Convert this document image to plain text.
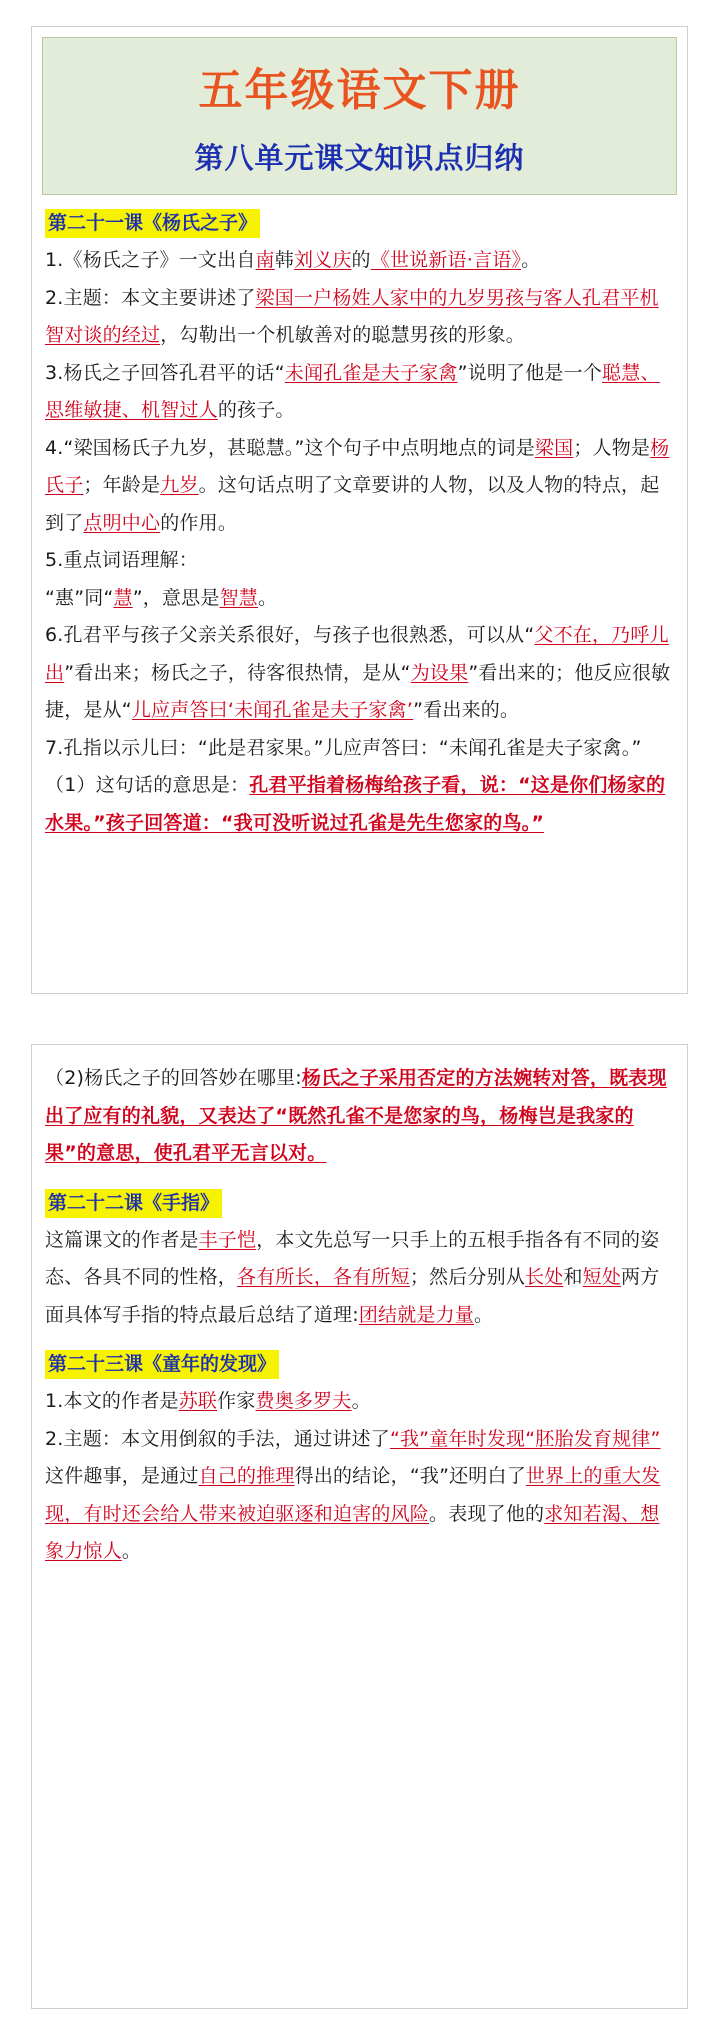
五年级语文下册
第八单元课文知识点归纳
第二十一课《杨氏之子》

1.《杨氏之子》一文出自南韩刘义庆的《世说新语·言语》。

2.主题：本文主要讲述了梁国一户杨姓人家中的九岁男孩与客人孔君平机智对谈的经过，勾勒出一个机敏善对的聪慧男孩的形象。

3.杨氏之子回答孔君平的话“未闻孔雀是夫子家禽”说明了他是一个聪慧、思维敏捷、机智过人的孩子。

4.“梁国杨氏子九岁，甚聪慧。”这个句子中点明地点的词是梁国；人物是杨氏子；年龄是九岁。这句话点明了文章要讲的人物，以及人物的特点，起到了点明中心的作用。

5.重点词语理解：

“惠”同“慧”，意思是智慧。

6.孔君平与孩子父亲关系很好，与孩子也很熟悉，可以从“父不在，乃呼儿出”看出来；杨氏之子，待客很热情，是从“为设果”看出来的；他反应很敏捷，是从“儿应声答曰‘未闻孔雀是夫子家禽’”看出来的。

7.孔指以示儿曰：“此是君家果。”儿应声答曰：“未闻孔雀是夫子家禽。”

（1）这句话的意思是：孔君平指着杨梅给孩子看，说：“这是你们杨家的水果。”孩子回答道：“我可没听说过孔雀是先生您家的鸟。”

（2)杨氏之子的回答妙在哪里:杨氏之子采用否定的方法婉转对答，既表现出了应有的礼貌，又表达了“既然孔雀不是您家的鸟，杨梅岂是我家的果”的意思，使孔君平无言以对。

第二十二课《手指》

这篇课文的作者是丰子恺，本文先总写一只手上的五根手指各有不同的姿态、各具不同的性格，各有所长，各有所短；然后分别从长处和短处两方面具体写手指的特点最后总结了道理:团结就是力量。

第二十三课《童年的发现》

1.本文的作者是苏联作家费奥多罗夫。

2.主题：本文用倒叙的手法，通过讲述了“我”童年时发现“胚胎发育规律”

这件趣事，是通过自己的推理得出的结论，“我”还明白了世界上的重大发现，有时还会给人带来被迫驱逐和迫害的风险。表现了他的求知若渴、想象力惊人。
